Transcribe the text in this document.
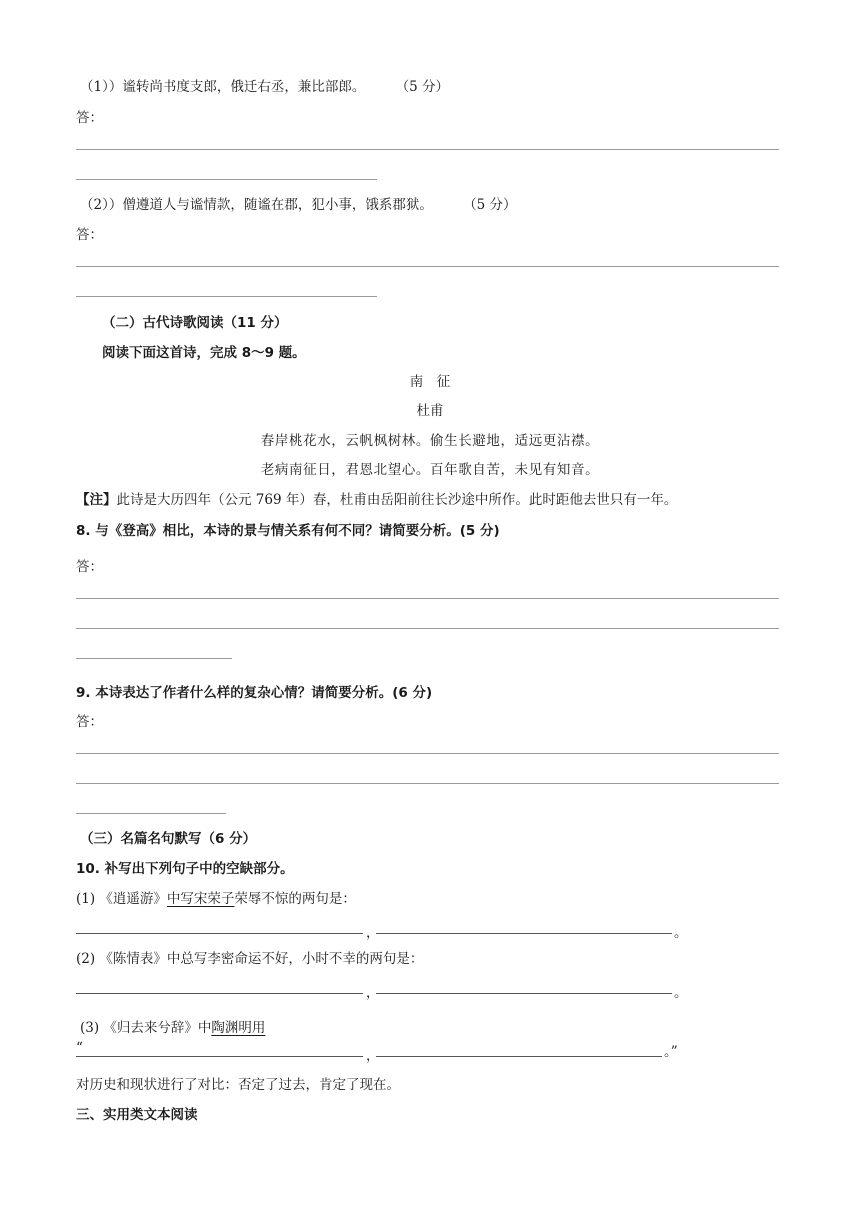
（1））谧转尚书度支郎，俄迁右丞，兼比部郎。 （5 分）
答：
（2））僧遵道人与谧情款，随谧在郡，犯小事，饿系郡狱。 （5 分）
答：
（二）古代诗歌阅读（11 分）
阅读下面这首诗，完成 8～9 题。
南　征
杜甫
春岸桃花水，云帆枫树林。偷生长避地，适远更沾襟。
老病南征日，君恩北望心。百年歌自苦，未见有知音。
【注】此诗是大历四年（公元 769 年）春，杜甫由岳阳前往长沙途中所作。此时距他去世只有一年。
8. 与《登高》相比，本诗的景与情关系有何不同？请简要分析。(5 分)
答：
9. 本诗表达了作者什么样的复杂心情？请简要分析。(6 分)
答：
（三）名篇名句默写（6 分）
10. 补写出下列句子中的空缺部分。
(1) 《逍遥游》中写宋荣子荣辱不惊的两句是：
，	。
(2) 《陈情表》中总写李密命运不好，小时不幸的两句是：
，	。
(3) 《归去来兮辞》中陶渊明用
“	，	。”
对历史和现状进行了对比：否定了过去，肯定了现在。
三、实用类文本阅读
